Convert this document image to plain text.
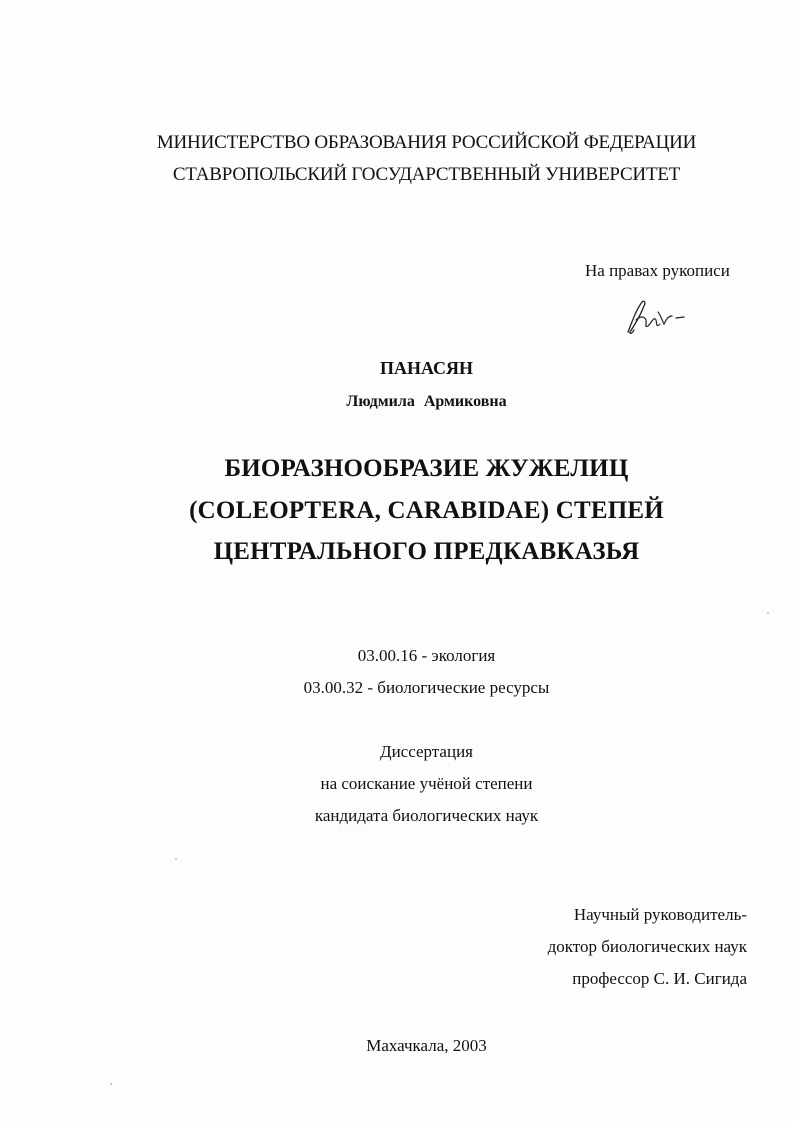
МИНИСТЕРСТВО ОБРАЗОВАНИЯ РОССИЙСКОЙ ФЕДЕРАЦИИ
СТАВРОПОЛЬСКИЙ ГОСУДАРСТВЕННЫЙ УНИВЕРСИТЕТ
На правах рукописи
ПАНАСЯН
Людмила Армиковна
БИОРАЗНООБРАЗИЕ ЖУЖЕЛИЦ
(COLEOPTERA, CARABIDAE) СТЕПЕЙ
ЦЕНТРАЛЬНОГО ПРЕДКАВКАЗЬЯ
03.00.16 - экология
03.00.32 - биологические ресурсы
Диссертация
на соискание учёной степени
кандидата биологических наук
Научный руководитель-
доктор биологических наук
профессор С. И. Сигида
Махачкала, 2003
